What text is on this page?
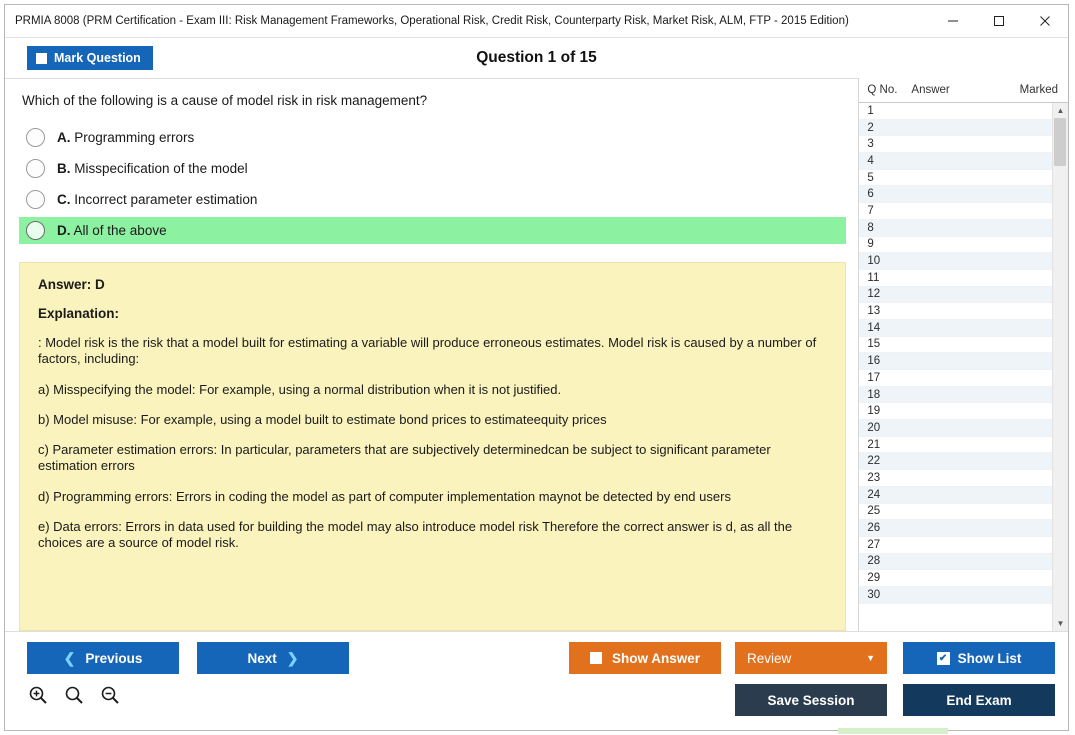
PRMIA 8008 (PRM Certification - Exam III: Risk Management Frameworks, Operational Risk, Credit Risk, Counterparty Risk, Market Risk, ALM, FTP - 2015 Edition)
Mark Question	Question 1 of 15
Which of the following is a cause of model risk in risk management?
A. Programming errors
B. Misspecification of the model
C. Incorrect parameter estimation
D. All of the above
Answer: D
Explanation:

: Model risk is the risk that a model built for estimating a variable will produce erroneous estimates. Model risk is caused by a number of factors, including:

a) Misspecifying the model: For example, using a normal distribution when it is not justified.

b) Model misuse: For example, using a model built to estimate bond prices to estimateequity prices

c) Parameter estimation errors: In particular, parameters that are subjectively determinedcan be subject to significant parameter estimation errors

d) Programming errors: Errors in coding the model as part of computer implementation maynot be detected by end users

e) Data errors: Errors in data used for building the model may also introduce model risk Therefore the correct answer is d, as all the choices are a source of model risk.

Q No.	Answer	Marked
1
2
3
4
5
6
7
8
9
10
11
12
13
14
15
16
17
18
19
20
21
22
23
24
25
26
27
28
29
30
▲
▼
❮ Previous	Next ❯	Show Answer	Review	▼	✔ Show List
Save Session	End Exam
